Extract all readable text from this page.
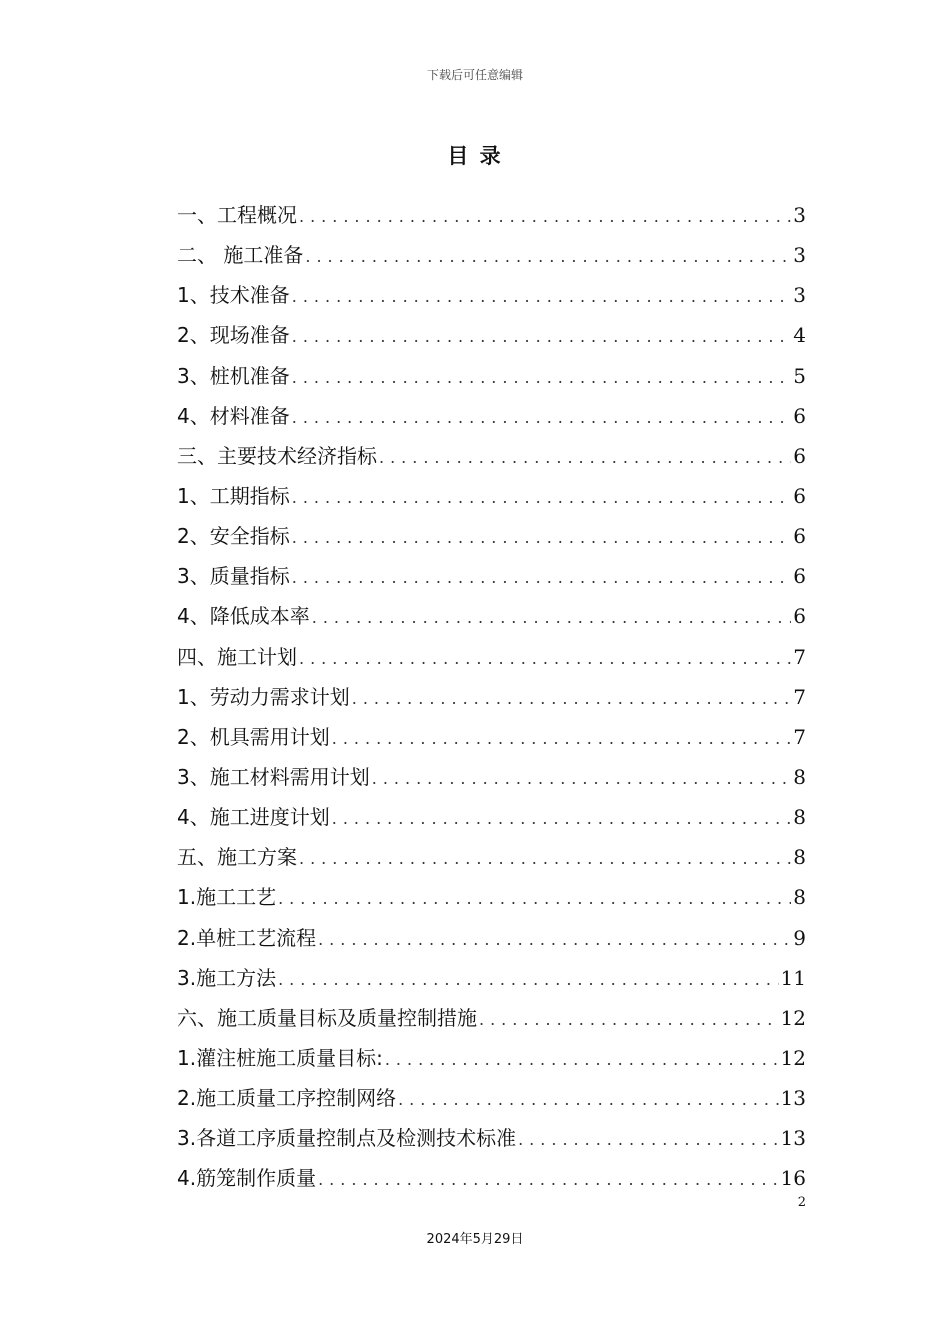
下载后可任意编辑
目 录
一、工程概况 .....	3
二、 施工准备 .....	3
1、技术准备 .....	3
2、现场准备 .....	4
3、桩机准备 .....	5
4、材料准备 .....	6
三、主要技术经济指标 .....	6
1、工期指标 .....	6
2、安全指标 .....	6
3、质量指标 .....	6
4、降低成本率 .....	6
四、施工计划 .....	7
1、劳动力需求计划 .....	7
2、机具需用计划 .....	7
3、施工材料需用计划 .....	8
4、施工进度计划 .....	8
五、施工方案 .....	8
1.施工工艺 .....	8
2.单桩工艺流程 .....	9
3.施工方法 .....	11
六、施工质量目标及质量控制措施 .....	12
1.灌注桩施工质量目标: .....	12
2.施工质量工序控制网络 .....	13
3.各道工序质量控制点及检测技术标准 .....	13
4.筋笼制作质量 .....	16
2
2024年5月29日
